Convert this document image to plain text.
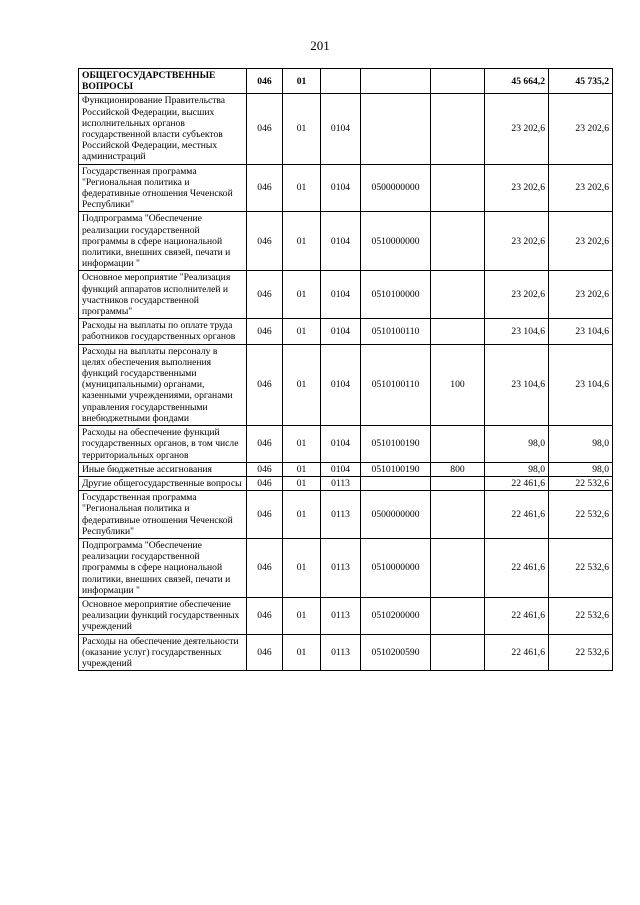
201
ОБЩЕГОСУДАРСТВЕННЫЕ ВОПРОСЫ	046	01				45 664,2	45 735,2
Функционирование Правительства Российской Федерации, высших исполнительных органов государственной власти субъектов Российской Федерации, местных администраций	046	01	0104			23 202,6	23 202,6
Государственная программа "Региональная политика и федеративные отношения Чеченской Республики"	046	01	0104	0500000000		23 202,6	23 202,6
Подпрограмма "Обеспечение реализации государственной программы в сфере национальной политики, внешних связей, печати и информации "	046	01	0104	0510000000		23 202,6	23 202,6
Основное мероприятие "Реализация функций аппаратов исполнителей и участников государственной программы"	046	01	0104	0510100000		23 202,6	23 202,6
Расходы на выплаты по оплате труда работников государственных органов	046	01	0104	0510100110		23 104,6	23 104,6
Расходы на выплаты персоналу в целях обеспечения выполнения функций государственными (муниципальными) органами, казенными учреждениями, органами управления государственными внебюджетными фондами	046	01	0104	0510100110	100	23 104,6	23 104,6
Расходы на обеспечение функций государственных органов, в том числе территориальных органов	046	01	0104	0510100190		98,0	98,0
Иные бюджетные ассигнования	046	01	0104	0510100190	800	98,0	98,0
Другие общегосударственные вопросы	046	01	0113			22 461,6	22 532,6
Государственная программа "Региональная политика и федеративные отношения Чеченской Республики"	046	01	0113	0500000000		22 461,6	22 532,6
Подпрограмма "Обеспечение реализации государственной программы в сфере национальной политики, внешних связей, печати и информации "	046	01	0113	0510000000		22 461,6	22 532,6
Основное мероприятие обеспечение реализации функций государственных учреждений	046	01	0113	0510200000		22 461,6	22 532,6
Расходы на обеспечение деятельности (оказание услуг) государственных учреждений	046	01	0113	0510200590		22 461,6	22 532,6
